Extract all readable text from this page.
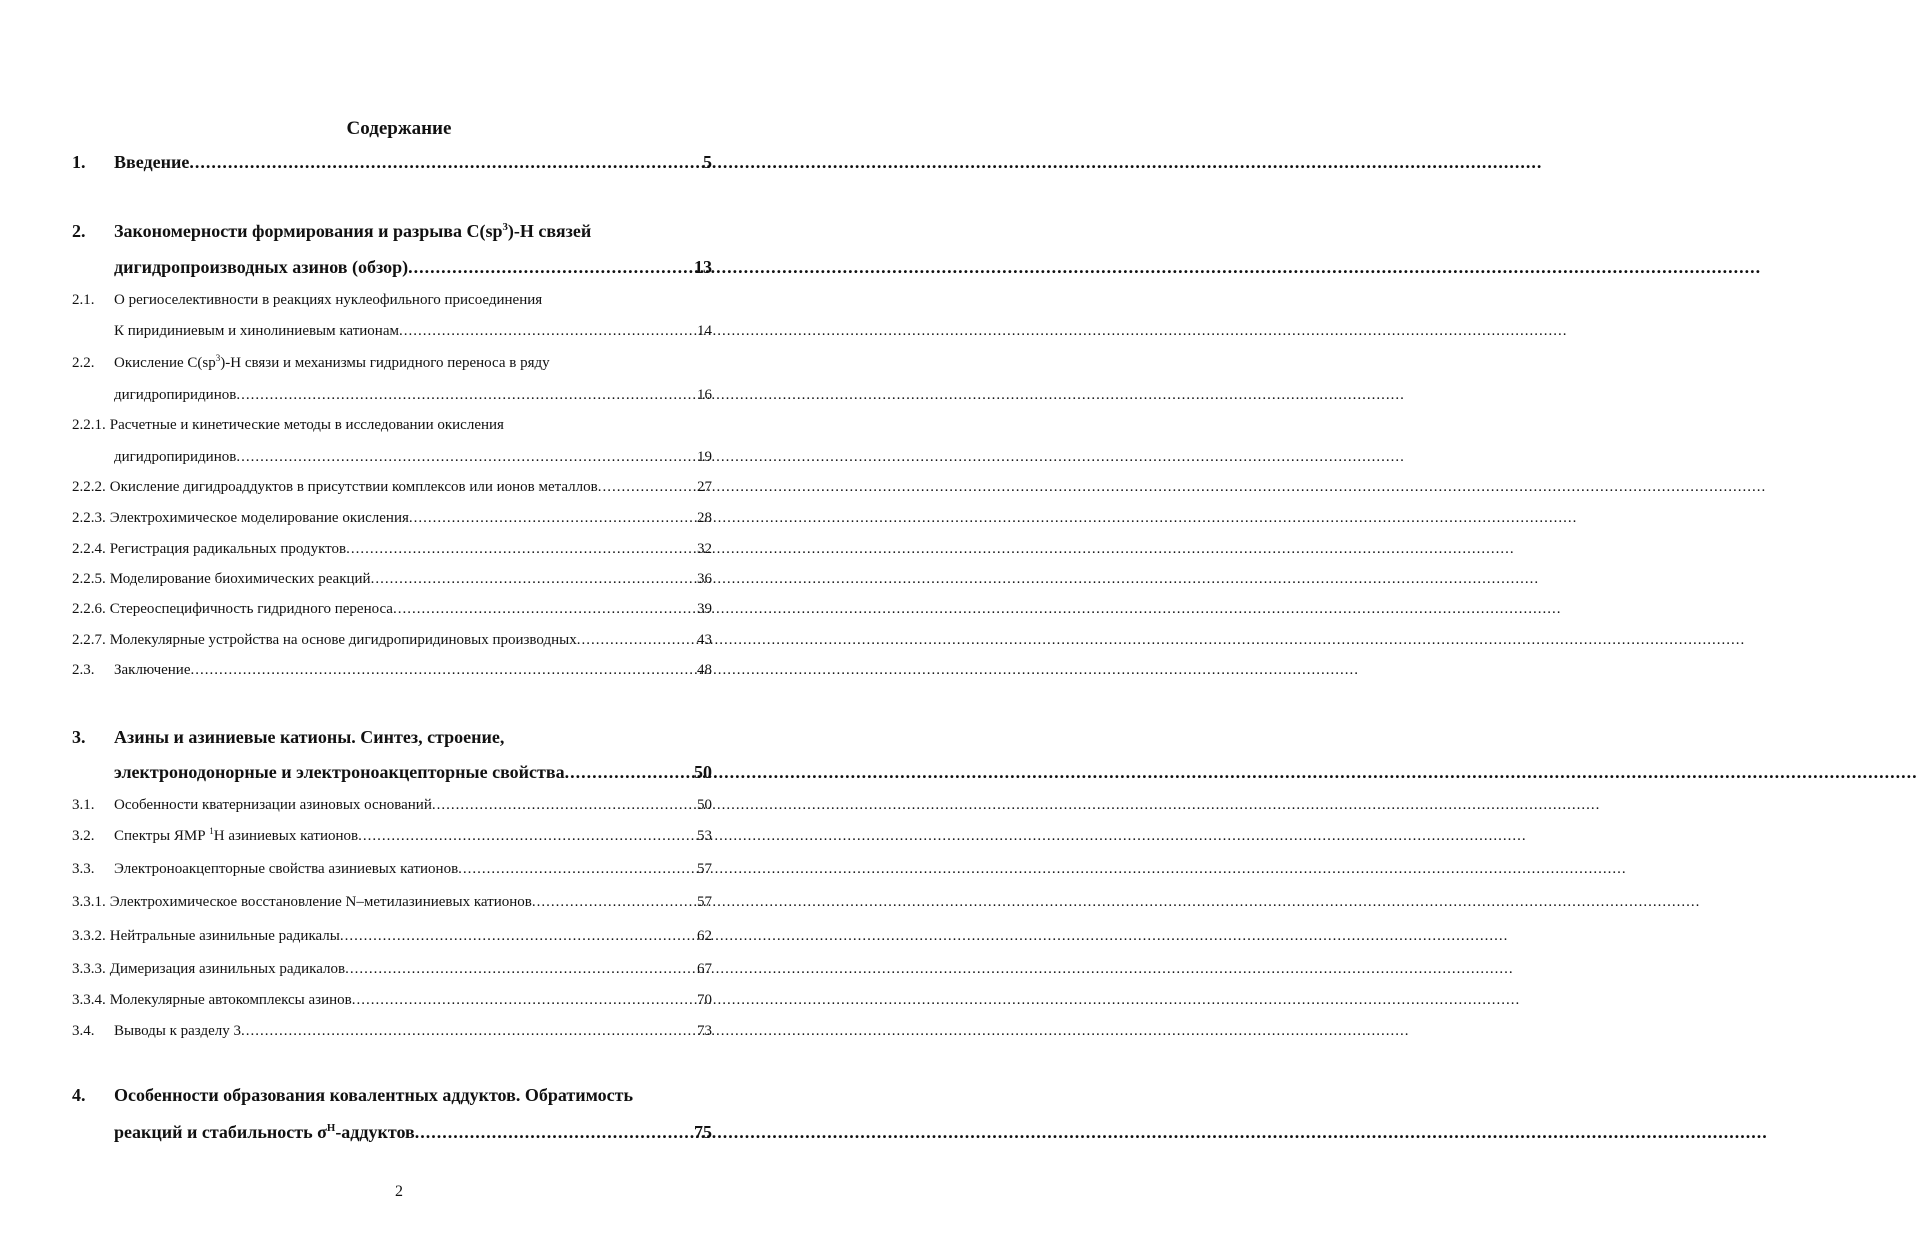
Содержание
1.	Введение .....	5
2.	Закономерности формирования и разрыва $C(sp^3)-H$ связей
дигидропроизводных азинов (обзор) .....	13
2.1.	О региоселективности в реакциях нуклеофильного присоединения
К пиридиниевым и хинолиниевым катионам .....	14
2.2.	Окисление $C(sp^3)-H$ связи и механизмы гидридного переноса в ряду
дигидропиридинов .....	16
2.2.1. Расчетные и кинетические методы в исследовании окисления
дигидропиридинов .....	19
2.2.2. Окисление дигидроаддуктов в присутствии комплексов или ионов металлов .....	27
2.2.3. Электрохимическое моделирование окисления .....	28
2.2.4. Регистрация радикальных продуктов .....	32
2.2.5. Моделирование биохимических реакций .....	36
2.2.6. Стереоспецифичность гидридного переноса .....	39
2.2.7. Молекулярные устройства на основе дигидропиридиновых производных .....	43
2.3.	Заключение .....	48
3.	Азины и азиниевые катионы. Синтез, строение,
электронодонорные и электроноакцепторные свойства .....	50
3.1.	Особенности кватернизации азиновых оснований .....	50
3.2.	Спектры ЯМР $^1$H азиниевых катионов .....	53
3.3.	Электроноакцепторные свойства азиниевых катионов .....	57
3.3.1. Электрохимическое восстановление N–метилазиниевых катионов .....	57
3.3.2. Нейтральные азинильные радикалы .....	62
3.3.3. Димеризация азинильных радикалов .....	67
3.3.4. Молекулярные автокомплексы азинов .....	70
3.4.	Выводы к разделу 3 .....	73
4.	Особенности образования ковалентных аддуктов. Обратимость
реакций и стабильность $\sigma^H$-аддуктов .....	75
2
